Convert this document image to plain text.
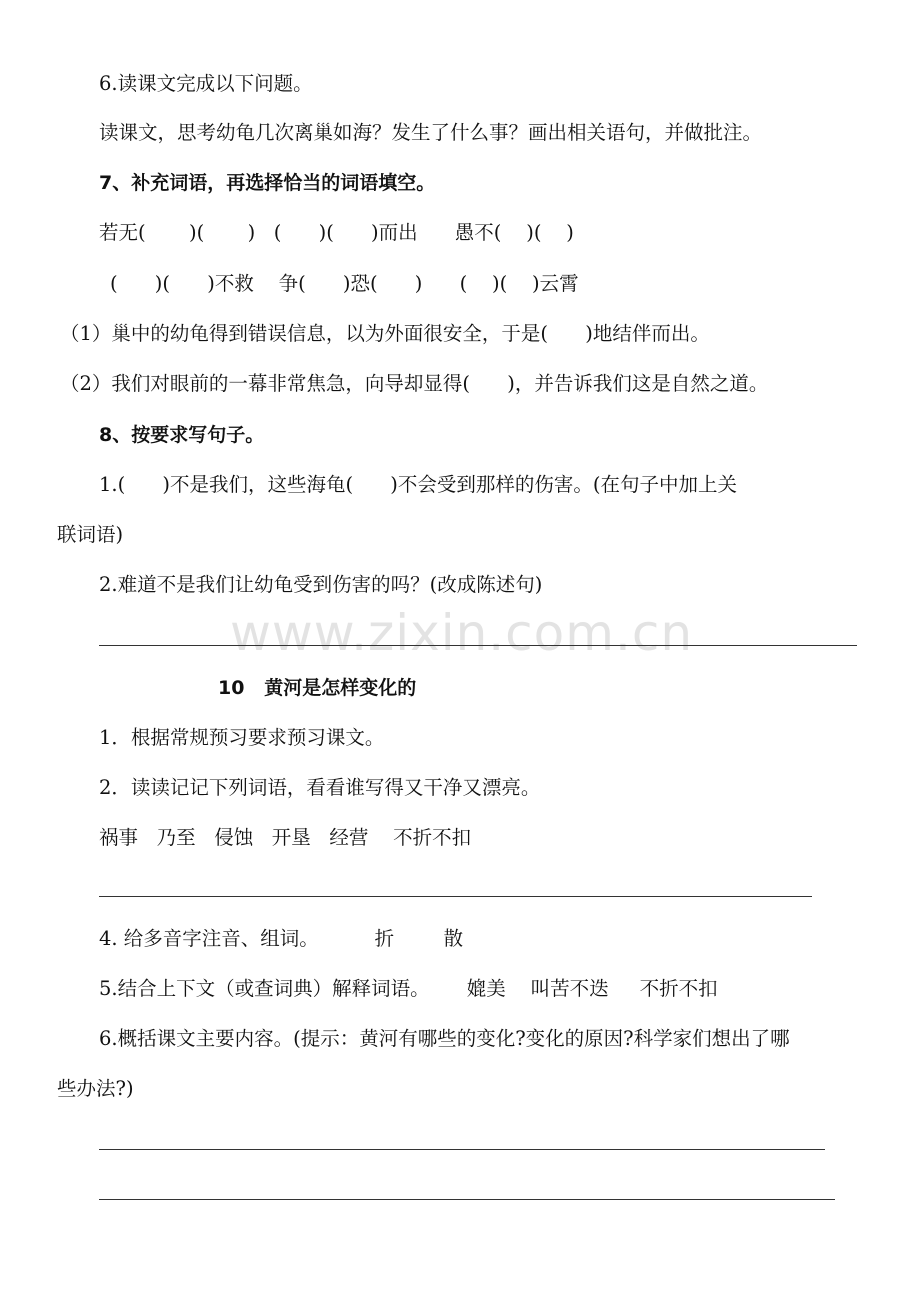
www.zixin.com.cn
6.读课文完成以下问题。
读课文，思考幼龟几次离巢如海？发生了什么事？画出相关语句，并做批注。
7、补充词语，再选择恰当的词语填空。
若无(       )(       )   (      )(      )而出      愚不(    )(    )
(      )(      )不救    争(      )恐(      )      (    )(    )云霄
（1）巢中的幼龟得到错误信息，以为外面很安全，于是(      )地结伴而出。
（2）我们对眼前的一幕非常焦急，向导却显得(      )，并告诉我们这是自然之道。
8、按要求写句子。
1.(      )不是我们，这些海龟(      )不会受到那样的伤害。(在句子中加上关
联词语)
2.难道不是我们让幼龟受到伤害的吗？(改成陈述句)
10   黄河是怎样变化的
1．根据常规预习要求预习课文。
2．读读记记下列词语，看看谁写得又干净又漂亮。
祸事   乃至   侵蚀   开垦   经营    不折不扣
4. 给多音字注音、组词。         折        散
5.结合上下文（或查词典）解释词语。      媲美    叫苦不迭     不折不扣
6.概括课文主要内容。(提示：黄河有哪些的变化?变化的原因?科学家们想出了哪
些办法?)
